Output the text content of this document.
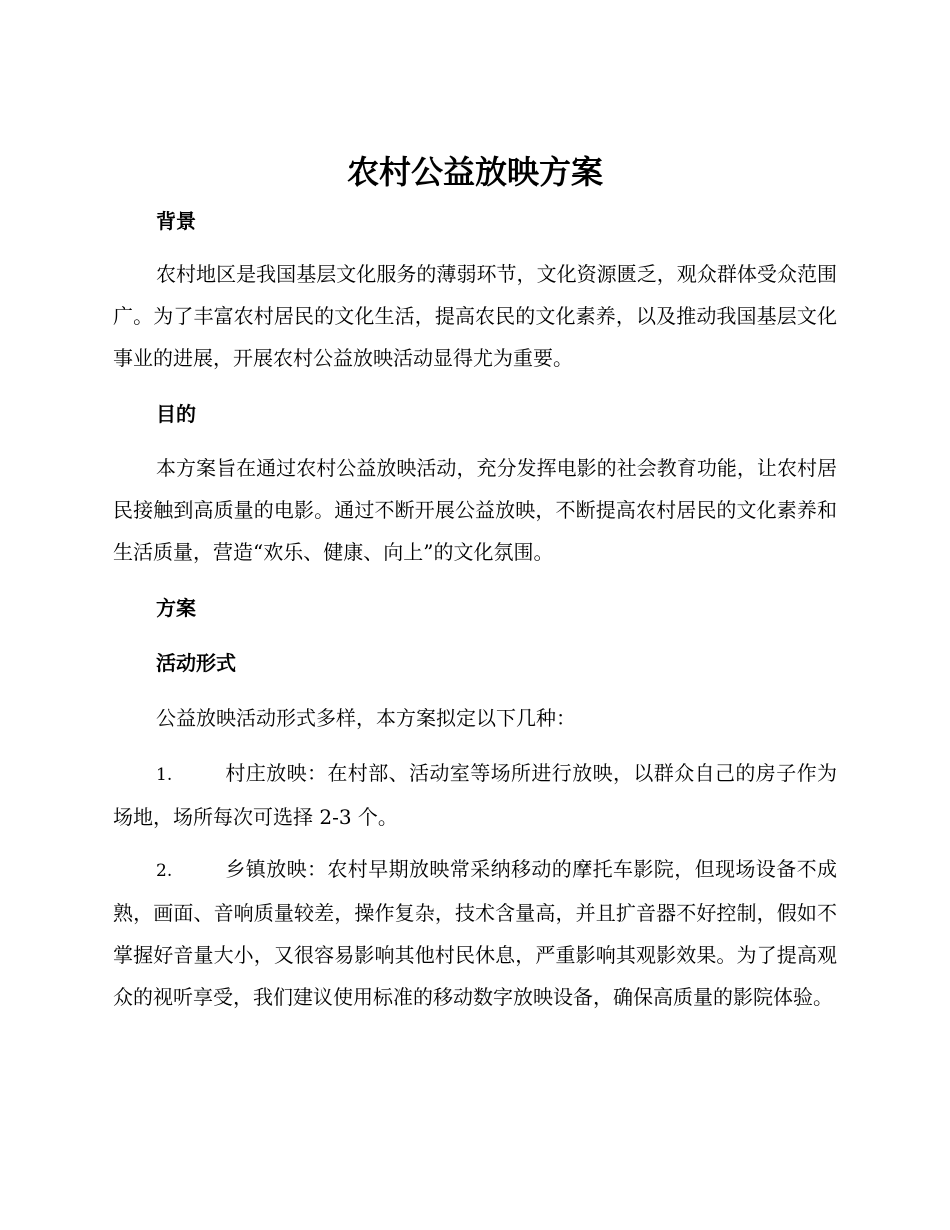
农村公益放映方案
背景

农村地区是我国基层文化服务的薄弱环节，文化资源匮乏，观众群体受众范围广。为了丰富农村居民的文化生活，提高农民的文化素养，以及推动我国基层文化事业的进展，开展农村公益放映活动显得尤为重要。

目的

本方案旨在通过农村公益放映活动，充分发挥电影的社会教育功能，让农村居民接触到高质量的电影。通过不断开展公益放映，不断提高农村居民的文化素养和生活质量，营造“欢乐、健康、向上”的文化氛围。

方案
活动形式

公益放映活动形式多样，本方案拟定以下几种：

1.	村庄放映：在村部、活动室等场所进行放映，以群众自己的房子作为场地，场所每次可选择 2-3 个。

2.	乡镇放映：农村早期放映常采纳移动的摩托车影院，但现场设备不成熟，画面、音响质量较差，操作复杂，技术含量高，并且扩音器不好控制，假如不掌握好音量大小，又很容易影响其他村民休息，严重影响其观影效果。为了提高观众的视听享受，我们建议使用标准的移动数字放映设备，确保高质量的影院体验。
